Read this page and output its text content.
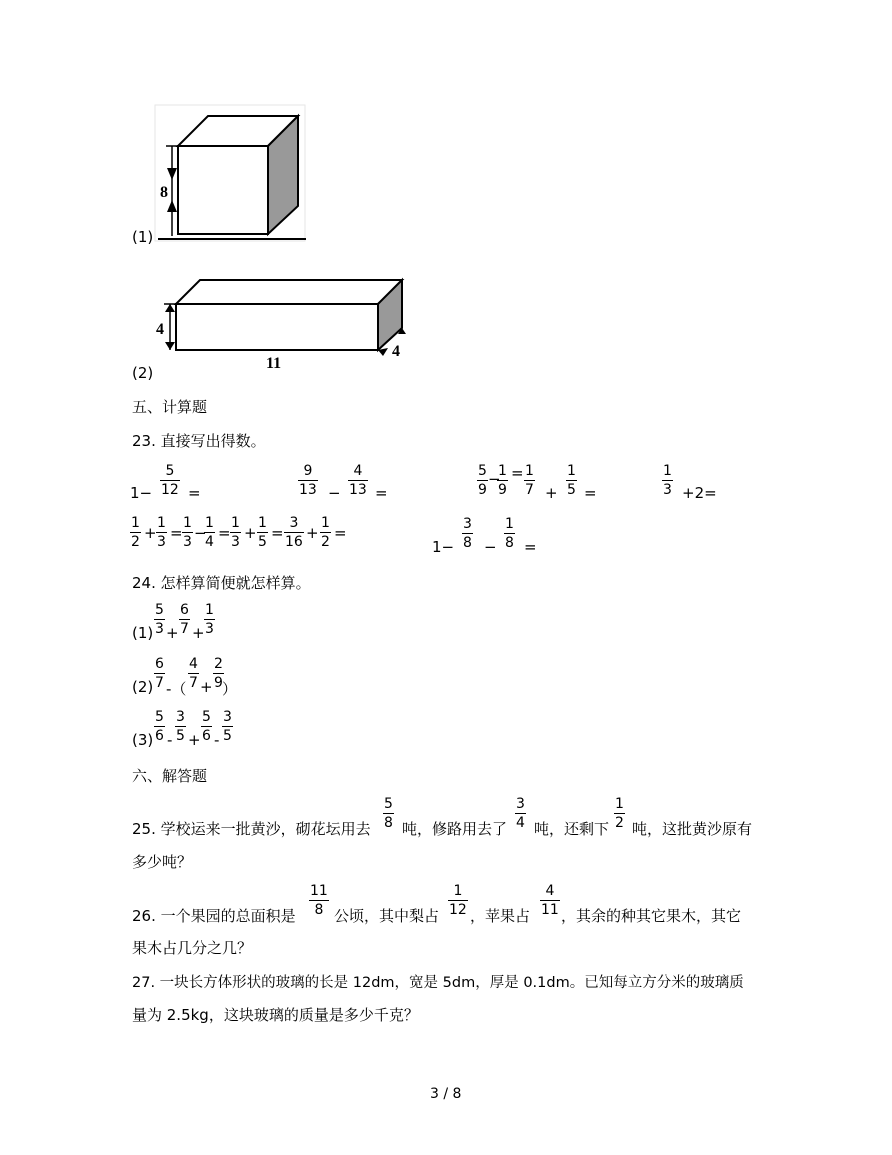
8
(1)
4
11
4
(2)
五、计算题
23. 直接写出得数。
1−
5
12 =
9
13 −
4
13 =
5
9
−
1
9
= 1
7 +
1
5 =
1
3 +2=
1
2 +
1
3 =
1
3 −
1
4 =
1
3 +
1
5 =
3
16 +
1
2 =
1−
3
8 −
1
8 =
24. 怎样算简便就怎样算。
(1)
5
3 +
6
7 +
1
3
(2)
6
7 -（
4
7 +
2
9 ）
(3)
5
6 -
3
5 +
5
6 -
3
5
六、解答题
25. 学校运来一批黄沙，砌花坛用去
5
8 吨，修路用去了
3
4 吨，还剩下
1
2 吨，这批黄沙原有
多少吨？
26. 一个果园的总面积是
11
8 公顷，其中梨占
1
12 ，苹果占
4
11 ，其余的种其它果木，其它
果木占几分之几？
27. 一块长方体形状的玻璃的长是 12dm，宽是 5dm，厚是 0.1dm。已知每立方分米的玻璃质
量为 2.5kg，这块玻璃的质量是多少千克？
3 / 8
